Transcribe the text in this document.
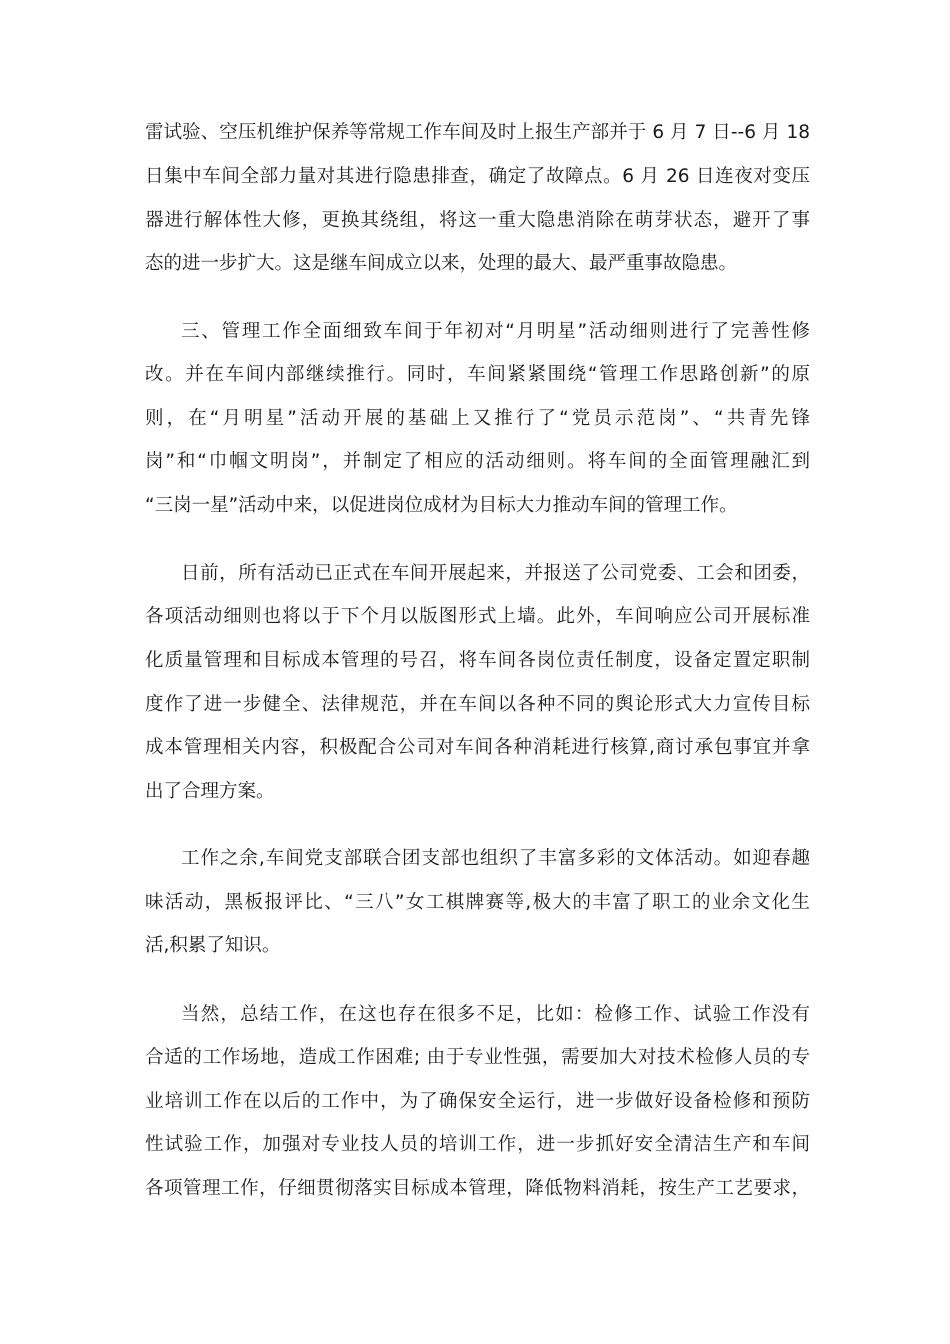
雷试验、空压机维护保养等常规工作车间及时上报生产部并于 6 月 7 日--6 月 18

日集中车间全部力量对其进行隐患排查，确定了故障点。6 月 26 日连夜对变压

器进行解体性大修，更换其绕组，将这一重大隐患消除在萌芽状态，避开了事

态的进一步扩大。这是继车间成立以来，处理的最大、最严重事故隐患。

三、管理工作全面细致车间于年初对“月明星”活动细则进行了完善性修

改。并在车间内部继续推行。同时，车间紧紧围绕“管理工作思路创新”的原

则，在“月明星”活动开展的基础上又推行了“党员示范岗”、“共青先锋

岗”和“巾帼文明岗”，并制定了相应的活动细则。将车间的全面管理融汇到

“三岗一星”活动中来，以促进岗位成材为目标大力推动车间的管理工作。

日前，所有活动已正式在车间开展起来，并报送了公司党委、工会和团委，

各项活动细则也将以于下个月以版图形式上墙。此外，车间响应公司开展标准

化质量管理和目标成本管理的号召，将车间各岗位责任制度，设备定置定职制

度作了进一步健全、法律规范，并在车间以各种不同的舆论形式大力宣传目标

成本管理相关内容，积极配合公司对车间各种消耗进行核算,商讨承包事宜并拿

出了合理方案。

工作之余,车间党支部联合团支部也组织了丰富多彩的文体活动。如迎春趣

味活动，黑板报评比、“三八”女工棋牌赛等,极大的丰富了职工的业余文化生

活,积累了知识。

当然，总结工作，在这也存在很多不足，比如：检修工作、试验工作没有

合适的工作场地，造成工作困难; 由于专业性强，需要加大对技术检修人员的专

业培训工作在以后的工作中，为了确保安全运行，进一步做好设备检修和预防

性试验工作，加强对专业技人员的培训工作，进一步抓好安全清洁生产和车间

各项管理工作，仔细贯彻落实目标成本管理，降低物料消耗，按生产工艺要求，
